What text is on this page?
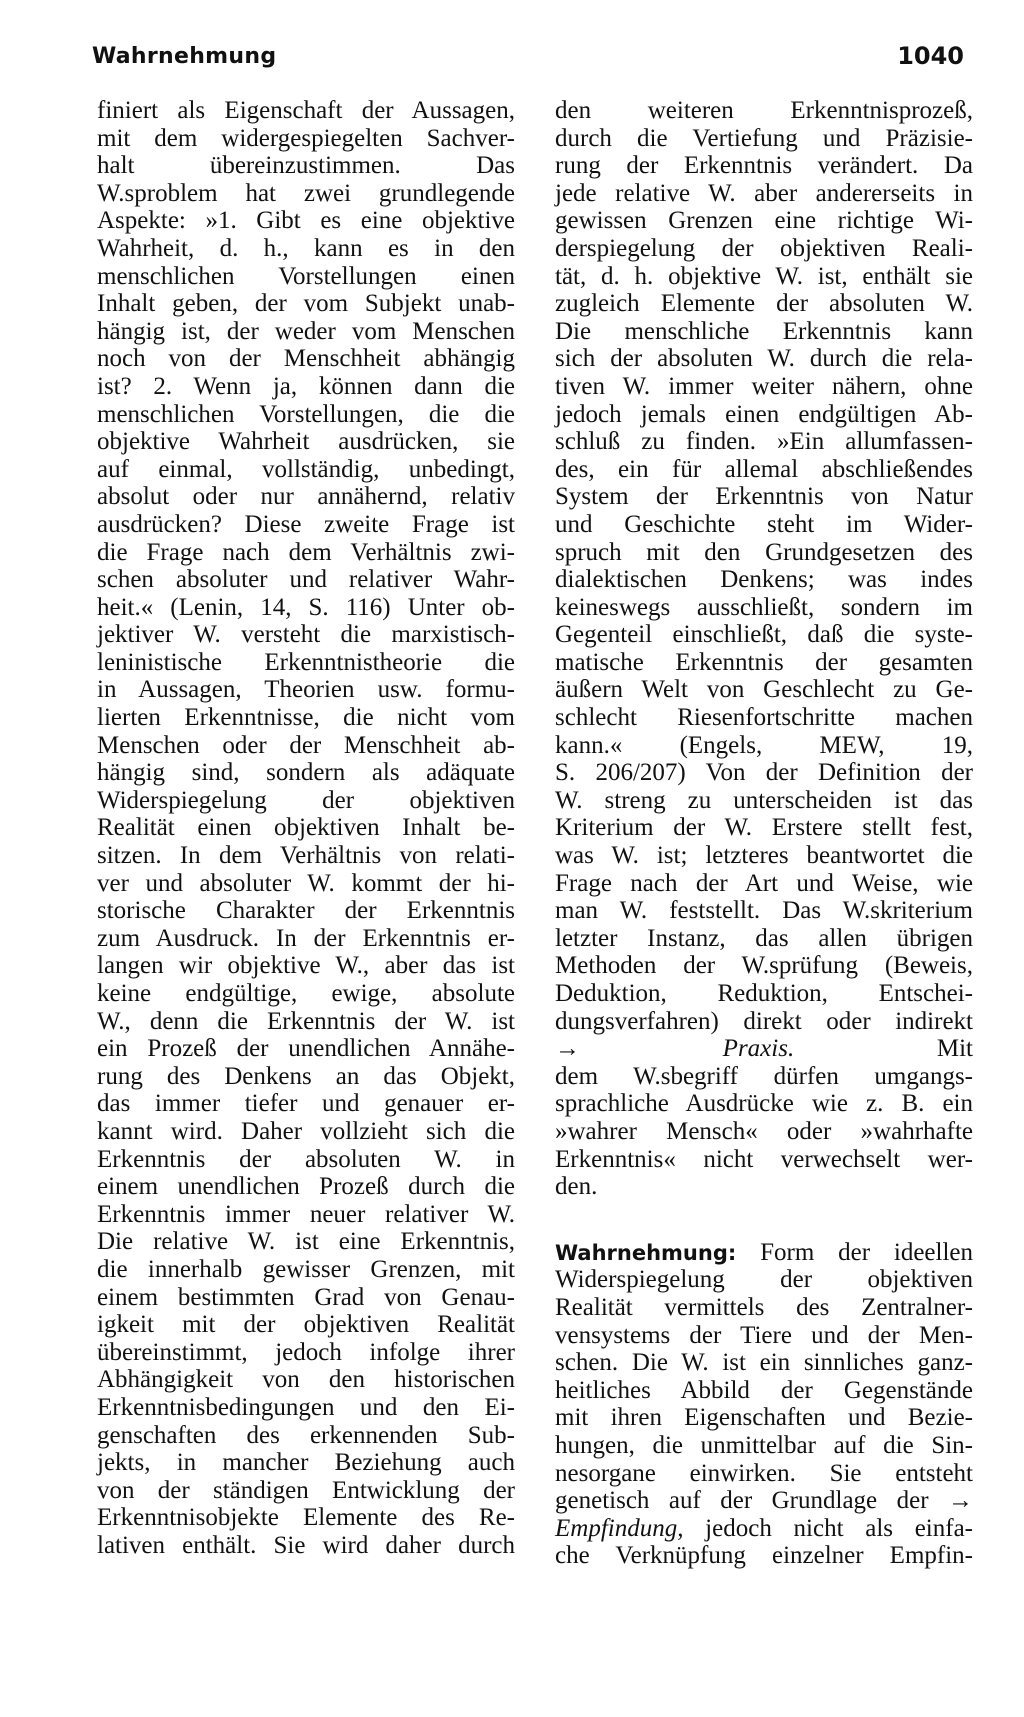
Wahrnehmung	1040
finiert als Eigenschaft der Aussagen,
mit dem widergespiegelten Sachver-
halt übereinzustimmen. Das
W.sproblem hat zwei grundlegende
Aspekte: »1. Gibt es eine objektive
Wahrheit, d. h., kann es in den
menschlichen Vorstellungen einen
Inhalt geben, der vom Subjekt unab-
hängig ist, der weder vom Menschen
noch von der Menschheit abhängig
ist? 2. Wenn ja, können dann die
menschlichen Vorstellungen, die die
objektive Wahrheit ausdrücken, sie
auf einmal, vollständig, unbedingt,
absolut oder nur annähernd, relativ
ausdrücken? Diese zweite Frage ist
die Frage nach dem Verhältnis zwi-
schen absoluter und relativer Wahr-
heit.« (Lenin, 14, S. 116) Unter ob-
jektiver W. versteht die marxistisch-
leninistische Erkenntnistheorie die
in Aussagen, Theorien usw. formu-
lierten Erkenntnisse, die nicht vom
Menschen oder der Menschheit ab-
hängig sind, sondern als adäquate
Widerspiegelung der objektiven
Realität einen objektiven Inhalt be-
sitzen. In dem Verhältnis von relati-
ver und absoluter W. kommt der hi-
storische Charakter der Erkenntnis
zum Ausdruck. In der Erkenntnis er-
langen wir objektive W., aber das ist
keine endgültige, ewige, absolute
W., denn die Erkenntnis der W. ist
ein Prozeß der unendlichen Annähe-
rung des Denkens an das Objekt,
das immer tiefer und genauer er-
kannt wird. Daher vollzieht sich die
Erkenntnis der absoluten W. in
einem unendlichen Prozeß durch die
Erkenntnis immer neuer relativer W.
Die relative W. ist eine Erkenntnis,
die innerhalb gewisser Grenzen, mit
einem bestimmten Grad von Genau-
igkeit mit der objektiven Realität
übereinstimmt, jedoch infolge ihrer
Abhängigkeit von den historischen
Erkenntnisbedingungen und den Ei-
genschaften des erkennenden Sub-
jekts, in mancher Beziehung auch
von der ständigen Entwicklung der
Erkenntnisobjekte Elemente des Re-
lativen enthält. Sie wird daher durch
den weiteren Erkenntnisprozeß,
durch die Vertiefung und Präzisie-
rung der Erkenntnis verändert. Da
jede relative W. aber andererseits in
gewissen Grenzen eine richtige Wi-
derspiegelung der objektiven Reali-
tät, d. h. objektive W. ist, enthält sie
zugleich Elemente der absoluten W.
Die menschliche Erkenntnis kann
sich der absoluten W. durch die rela-
tiven W. immer weiter nähern, ohne
jedoch jemals einen endgültigen Ab-
schluß zu finden. »Ein allumfassen-
des, ein für allemal abschließendes
System der Erkenntnis von Natur
und Geschichte steht im Wider-
spruch mit den Grundgesetzen des
dialektischen Denkens; was indes
keineswegs ausschließt, sondern im
Gegenteil einschließt, daß die syste-
matische Erkenntnis der gesamten
äußern Welt von Geschlecht zu Ge-
schlecht Riesenfortschritte machen
kann.« (Engels, MEW, 19,
S. 206/207) Von der Definition der
W. streng zu unterscheiden ist das
Kriterium der W. Erstere stellt fest,
was W. ist; letzteres beantwortet die
Frage nach der Art und Weise, wie
man W. feststellt. Das W.skriterium
letzter Instanz, das allen übrigen
Methoden der W.sprüfung (Beweis,
Deduktion, Reduktion, Entschei-
dungsverfahren) direkt oder indirekt
→	Praxis. Mit
dem W.sbegriff dürfen umgangs-
sprachliche Ausdrücke wie z. B. ein
»wahrer Mensch« oder »wahrhafte
Erkenntnis« nicht verwechselt wer-
den.
Wahrnehmung: Form der ideellen
Widerspiegelung der objektiven
Realität vermittels des Zentralner-
vensystems der Tiere und der Men-
schen. Die W. ist ein sinnliches ganz-
heitliches Abbild der Gegenstände
mit ihren Eigenschaften und Bezie-
hungen, die unmittelbar auf die Sin-
nesorgane einwirken. Sie entsteht
genetisch auf der Grundlage der →
Empfindung, jedoch nicht als einfa-
che Verknüpfung einzelner Empfin-
